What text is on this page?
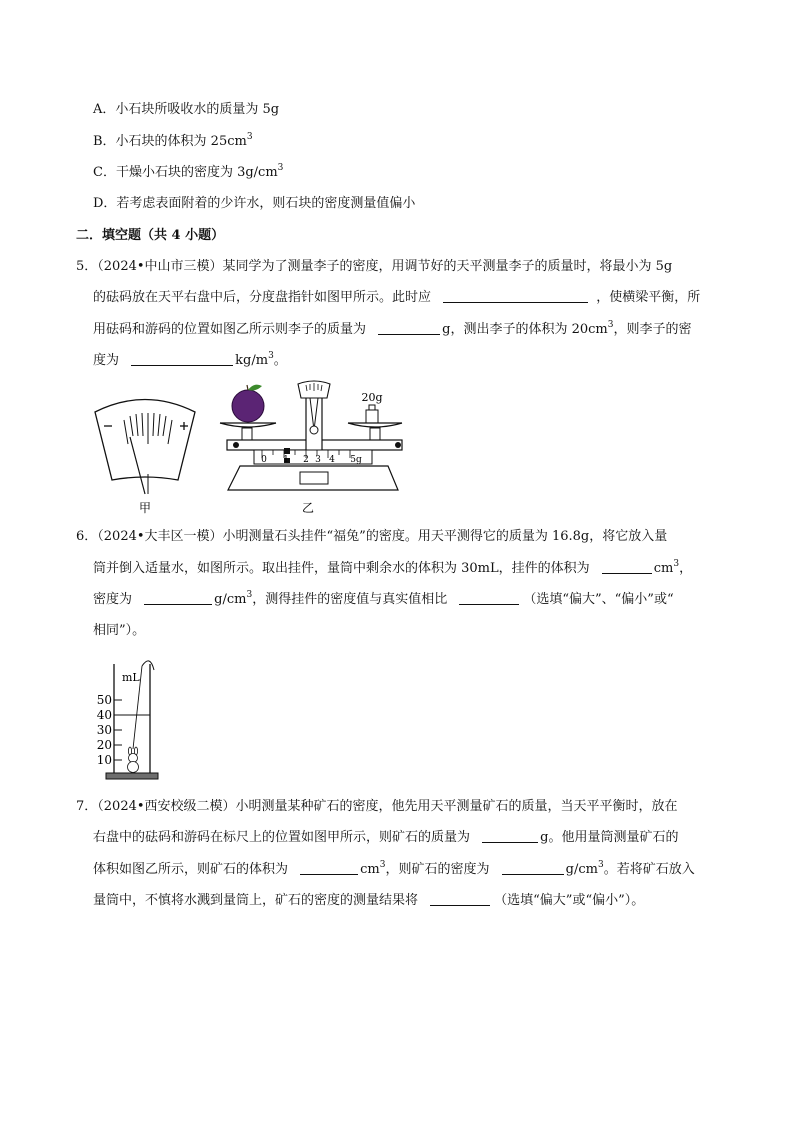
A．小石块所吸收水的质量为 5g
B．小石块的体积为 $25cm^3$
C．干燥小石块的密度为 $3g/cm^3$
D．若考虑表面附着的少许水，则石块的密度测量值偏小
二．填空题（共 4 小题）
5．（2024•中山市三模）某同学为了测量李子的密度，用调节好的天平测量李子的质量时，将最小为 5g
的砝码放在天平右盘中后，分度盘指针如图甲所示。此时应	，使横梁平衡，所
用砝码和游码的位置如图乙所示则李子的质量为	g，测出李子的体积为 $20cm^3$，则李子的密
度为	$kg/m^3$。
甲
20g
0 1 2 3 4 5g
乙
6．（2024•大丰区一模）小明测量石头挂件“福兔”的密度。用天平测得它的质量为 16.8g，将它放入量
筒并倒入适量水，如图所示。取出挂件，量筒中剩余水的体积为 30mL，挂件的体积为	$cm^3$，
密度为	$g/cm^3$，测得挂件的密度值与真实值相比	（选填“偏大”、“偏小”或“
相同”）。
mL
50
40
30
20
10
7．（2024•西安校级二模）小明测量某种矿石的密度，他先用天平测量矿石的质量，当天平平衡时，放在
右盘中的砝码和游码在标尺上的位置如图甲所示，则矿石的质量为	g。他用量筒测量矿石的
体积如图乙所示，则矿石的体积为	$cm^3$，则矿石的密度为	$g/cm^3$。若将矿石放入
量筒中，不慎将水溅到量筒上，矿石的密度的测量结果将	（选填“偏大”或“偏小”）。
